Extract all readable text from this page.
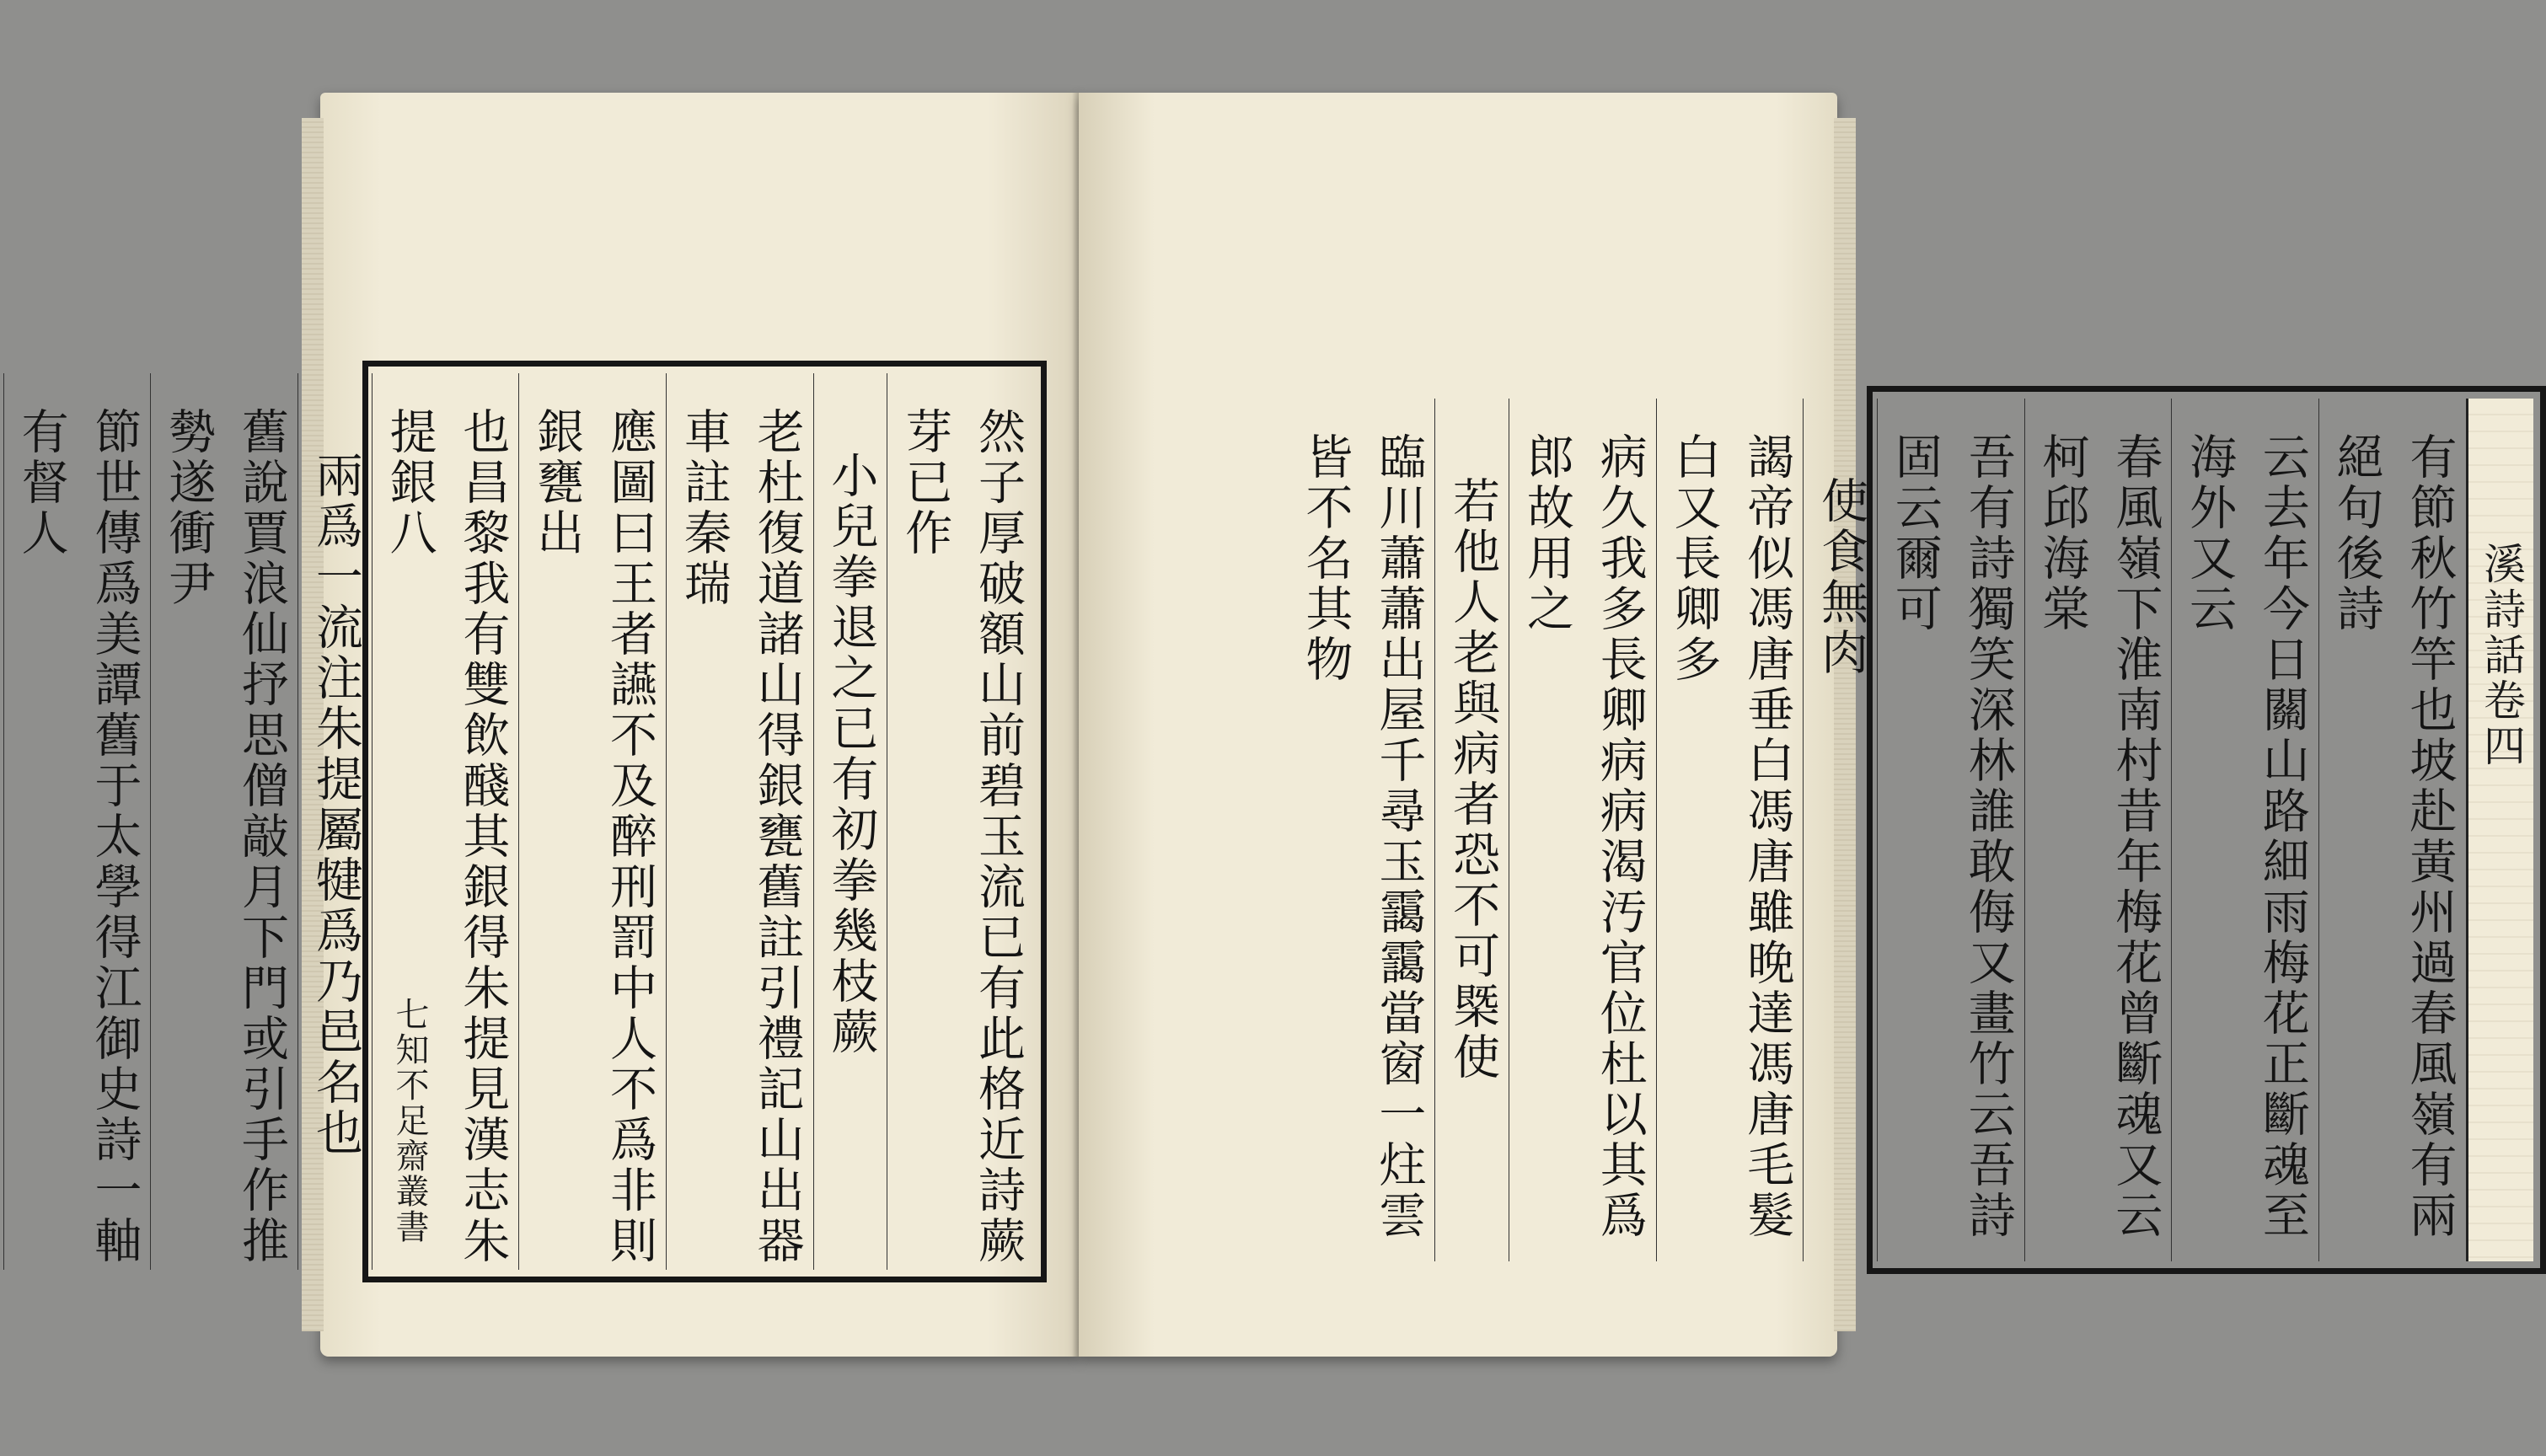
然子厚破額山前碧玉流已有此格近詩蕨芽已作
小兒拳退之已有初拳幾枝蕨
老杜復道諸山得銀甕舊註引禮記山出器車註秦瑞
應圖曰王者讌不及醉刑罰中人不爲非則銀甕出
也昌黎我有雙飲醆其銀得朱提見漢志朱提銀八
兩爲一流注朱提屬犍爲乃邑名也
舊說賈浪仙抒思僧敲月下門或引手作推勢遂衝尹
節世傳爲美譚舊于太學得江御史詩一軸有督人
七知不足齋叢書
溪詩話卷四
有節秋竹竿也坡赴黃州過春風嶺有兩絕句後詩
云去年今日關山路細雨梅花正斷魂至海外又云
春風嶺下淮南村昔年梅花曾斷魂又云柯邱海棠
吾有詩獨笑深林誰敢侮又畫竹云吾詩固云爾可
使食無肉
謁帝似馮唐垂白馮唐雖晚達馮唐毛髮白又長卿多
病久我多長卿病病渴汚官位杜以其爲郎故用之
若他人老與病者恐不可槩使
臨川蕭蕭出屋千尋玉靄靄當窗一炷雲皆不名其物
